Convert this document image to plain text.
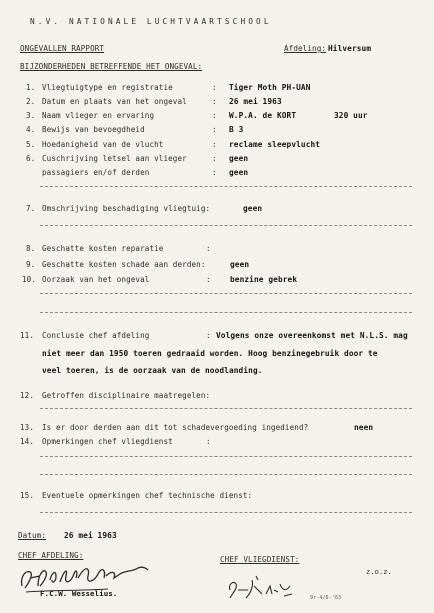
N.V. NATIONALE LUCHTVAARTSCHOOL
ONGEVALLEN RAPPORT	Afdeling: Hilversum
BIJZONDERHEDEN BETREFFENDE HET ONGEVAL:
1. Vliegtuigtype en registratie	: Tiger Moth PH-UAN
2. Datum en plaats van het ongeval	: 26 mei 1963
3. Naam vlieger en ervaring	: W.P.A. de KORT	320 uur
4. Bewijs van bevoegdheid	: B 3
5. Hoedanigheid van de vlucht	: reclame sleepvlucht
6. Cuschrijving letsel aan vlieger	: geen
passagiers en/of derden	: geen
7. Omschrijving beschadiging vliegtuig:	geen
8. Geschatte kosten reparatie	:
9. Geschatte kosten schade aan derden:	geen
10. Oorzaak van het ongeval	: benzine gebrek
11. Conclusie chef afdeling	: Volgens onze overeenkomst met N.L.S. mag
niet meer dan 1950 toeren gedraaid worden. Hoog benzinegebruik door te
veel toeren, is de oorzaak van de noodlanding.
12. Getroffen disciplinaire maatregelen:
13. Is er door derden aan dit tot schadevergoeding ingediend?	neen
14. Opmerkingen chef vliegdienst	:
15. Eventuele opmerkingen chef technische dienst:
Datum: 26 mei 1963
CHEF AFDELING:	CHEF VLIEGDIENST:
z.o.z.
F.C.W. Wesselius.	9r-4/6-'63
